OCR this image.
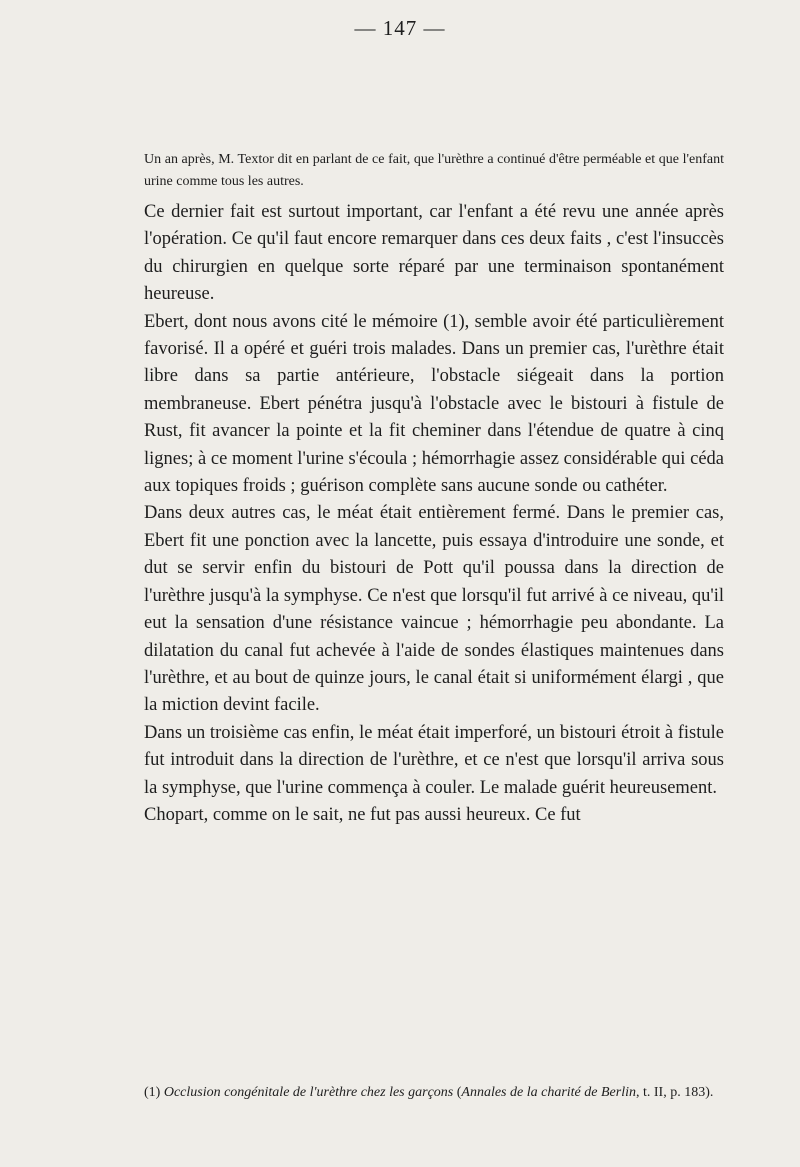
— 147 —

Un an après, M. Textor dit en parlant de ce fait, que l'urèthre a continué d'être perméable et que l'enfant urine comme tous les autres.

Ce dernier fait est surtout important, car l'enfant a été revu une année après l'opération. Ce qu'il faut encore remarquer dans ces deux faits , c'est l'insuccès du chirurgien en quelque sorte réparé par une terminaison spontanément heureuse.

Ebert, dont nous avons cité le mémoire (1), semble avoir été particulièrement favorisé. Il a opéré et guéri trois malades. Dans un premier cas, l'urèthre était libre dans sa partie antérieure, l'obstacle siégeait dans la portion membraneuse. Ebert pénétra jusqu'à l'obstacle avec le bistouri à fistule de Rust, fit avancer la pointe et la fit cheminer dans l'étendue de quatre à cinq lignes; à ce moment l'urine s'écoula ; hémorrhagie assez considérable qui céda aux topiques froids ; guérison complète sans aucune sonde ou cathéter.

Dans deux autres cas, le méat était entièrement fermé. Dans le premier cas, Ebert fit une ponction avec la lancette, puis essaya d'introduire une sonde, et dut se servir enfin du bistouri de Pott qu'il poussa dans la direction de l'urèthre jusqu'à la symphyse. Ce n'est que lorsqu'il fut arrivé à ce niveau, qu'il eut la sensation d'une résistance vaincue ; hémorrhagie peu abondante. La dilatation du canal fut achevée à l'aide de sondes élastiques maintenues dans l'urèthre, et au bout de quinze jours, le canal était si uniformément élargi , que la miction devint facile.

Dans un troisième cas enfin, le méat était imperforé, un bistouri étroit à fistule fut introduit dans la direction de l'urèthre, et ce n'est que lorsqu'il arriva sous la symphyse, que l'urine commença à couler. Le malade guérit heureusement.

Chopart, comme on le sait, ne fut pas aussi heureux. Ce fut

(1) Occlusion congénitale de l'urèthre chez les garçons (Annales de la charité de Berlin, t. II, p. 183).
